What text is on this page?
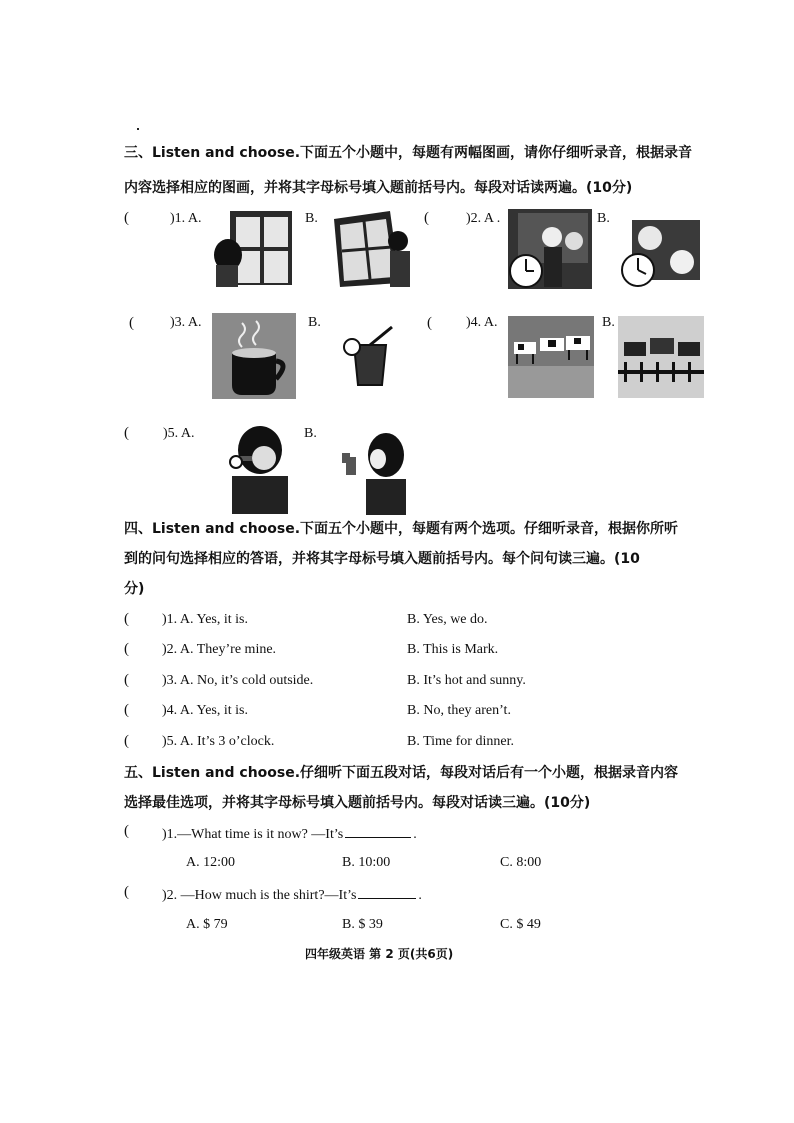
三、Listen and choose.下面五个小题中，每题有两幅图画，请你仔细听录音，根据录音
内容选择相应的图画，并将其字母标号填入题前括号内。每段对话读两遍。(10分)
(	)1. A.	B.	(	)2. A .	B.
(	)3. A.	B.	( )4. A.	B.
( )5. A.	B.
四、Listen and choose.下面五个小题中，每题有两个选项。仔细听录音，根据你所听
到的问句选择相应的答语，并将其字母标号填入题前括号内。每个问句读三遍。(10
分)
( )1. A. Yes, it is.	B. Yes, we do.
( )2. A. They’re mine.	B. This is Mark.
( )3. A. No, it’s cold outside.	B. It’s hot and sunny.
( )4. A. Yes, it is.	B. No, they aren’t.
( )5. A. It’s 3 o’clock.	B. Time for dinner.
五、Listen and choose.仔细听下面五段对话，每段对话后有一个小题，根据录音内容
选择最佳选项，并将其字母标号填入题前括号内。每段对话读三遍。(10分)
( )1.—What time is it now? —It’s	.
A. 12:00	B. 10:00	C. 8:00
( )2. —How much is the shirt?—It’s	.
A. $ 79	B. $ 39	C. $ 49
四年级英语 第 2 页(共6页)
